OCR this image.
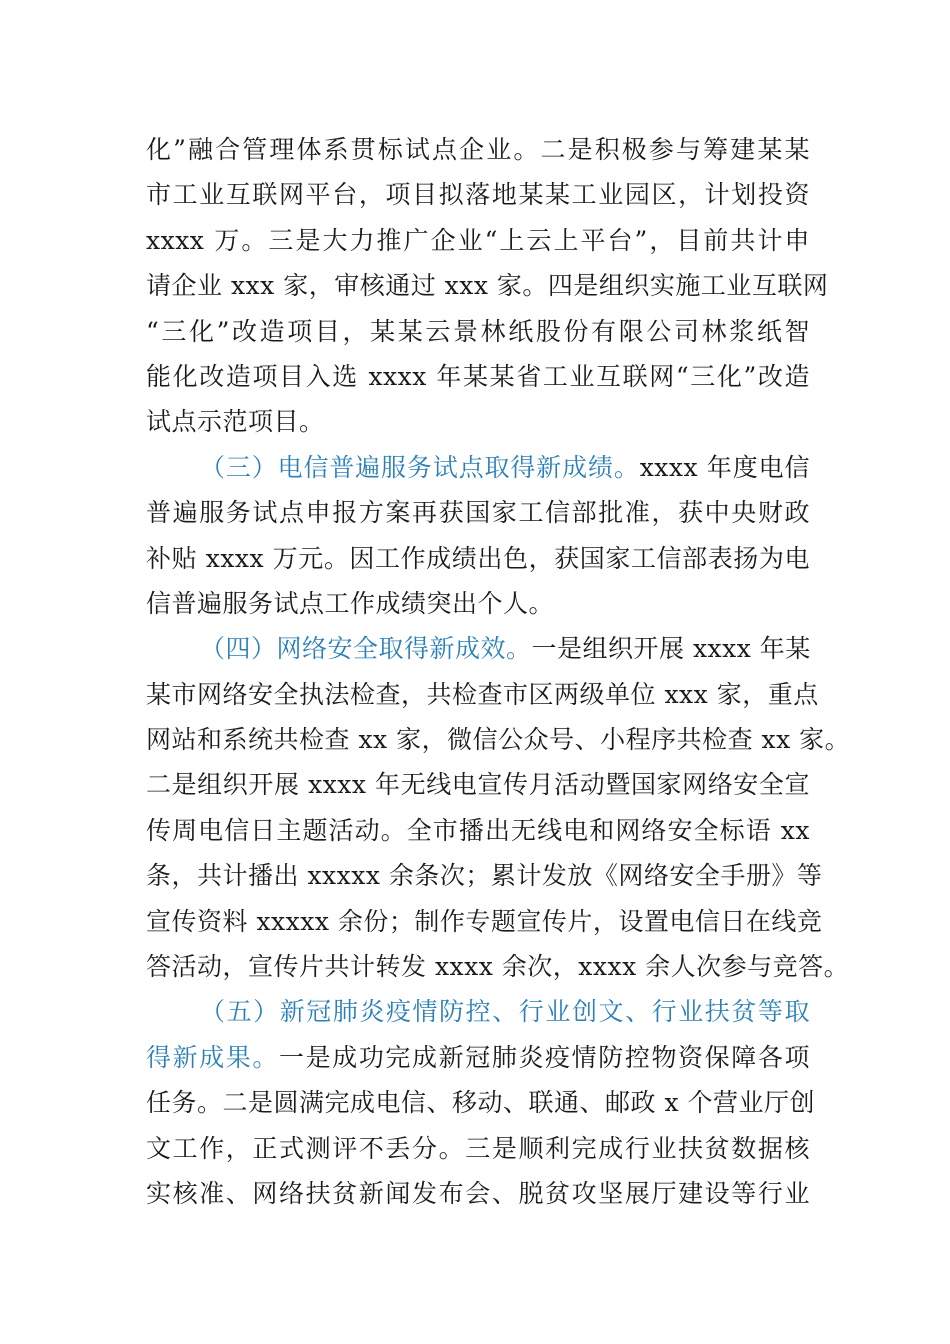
化”融合管理体系贯标试点企业。二是积极参与筹建某某
市工业互联网平台，项目拟落地某某工业园区，计划投资
xxxx 万。三是大力推广企业“上云上平台”，目前共计申
请企业 xxx 家，审核通过 xxx 家。四是组织实施工业互联网
“三化”改造项目，某某云景林纸股份有限公司林浆纸智
能化改造项目入选 xxxx 年某某省工业互联网“三化”改造
试点示范项目。
（三）电信普遍服务试点取得新成绩。xxxx 年度电信
普遍服务试点申报方案再获国家工信部批准，获中央财政
补贴 xxxx 万元。因工作成绩出色，获国家工信部表扬为电
信普遍服务试点工作成绩突出个人。
（四）网络安全取得新成效。一是组织开展 xxxx 年某
某市网络安全执法检查，共检查市区两级单位 xxx 家，重点
网站和系统共检查 xx 家，微信公众号、小程序共检查 xx 家。
二是组织开展 xxxx 年无线电宣传月活动暨国家网络安全宣
传周电信日主题活动。全市播出无线电和网络安全标语 xx
条，共计播出 xxxxx 余条次；累计发放《网络安全手册》等
宣传资料 xxxxx 余份；制作专题宣传片，设置电信日在线竞
答活动，宣传片共计转发 xxxx 余次，xxxx 余人次参与竞答。
（五）新冠肺炎疫情防控、行业创文、行业扶贫等取
得新成果。一是成功完成新冠肺炎疫情防控物资保障各项
任务。二是圆满完成电信、移动、联通、邮政 x 个营业厅创
文工作，正式测评不丢分。三是顺利完成行业扶贫数据核
实核准、网络扶贫新闻发布会、脱贫攻坚展厅建设等行业
